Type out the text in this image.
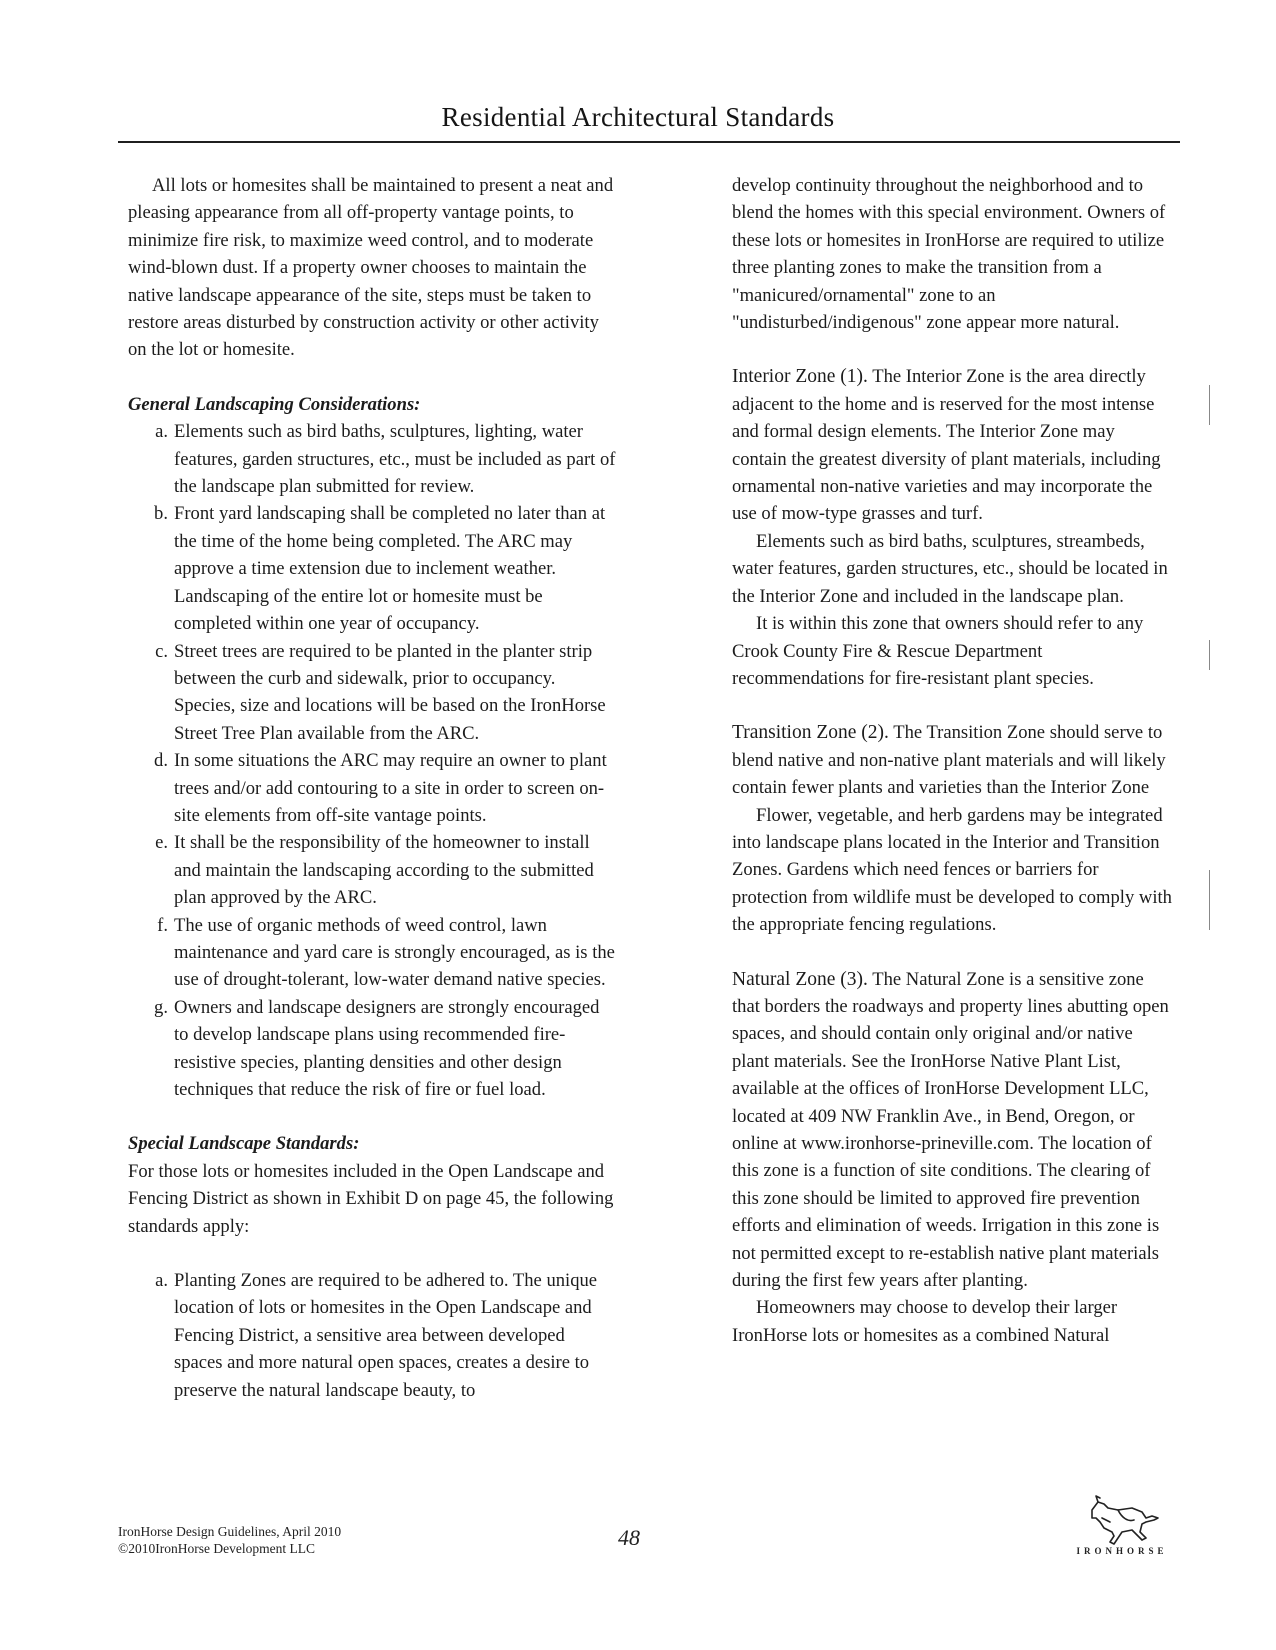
Residential Architectural Standards

All lots or homesites shall be maintained to present a neat and pleasing appearance from all off-property vantage points, to minimize fire risk, to maximize weed control, and to moderate wind-blown dust. If a property owner chooses to maintain the native landscape appearance of the site, steps must be taken to restore areas disturbed by construction activity or other activity on the lot or homesite.

General Landscaping Considerations:

a. Elements such as bird baths, sculptures, lighting, water features, garden structures, etc., must be included as part of the landscape plan submitted for review.
b. Front yard landscaping shall be completed no later than at the time of the home being completed. The ARC may approve a time extension due to inclement weather. Landscaping of the entire lot or homesite must be completed within one year of occupancy.
c. Street trees are required to be planted in the planter strip between the curb and sidewalk, prior to occupancy. Species, size and locations will be based on the IronHorse Street Tree Plan available from the ARC.
d. In some situations the ARC may require an owner to plant trees and/or add contouring to a site in order to screen on-site elements from off-site vantage points.
e. It shall be the responsibility of the homeowner to install and maintain the landscaping according to the submitted plan approved by the ARC.
f. The use of organic methods of weed control, lawn maintenance and yard care is strongly encouraged, as is the use of drought-tolerant, low-water demand native species.
g. Owners and landscape designers are strongly encouraged to develop landscape plans using recommended fire-resistive species, planting densities and other design techniques that reduce the risk of fire or fuel load.

Special Landscape Standards:

For those lots or homesites included in the Open Landscape and Fencing District as shown in Exhibit D on page 45, the following standards apply:

a. Planting Zones are required to be adhered to. The unique location of lots or homesites in the Open Landscape and Fencing District, a sensitive area between developed spaces and more natural open spaces, creates a desire to preserve the natural landscape beauty, to

develop continuity throughout the neighborhood and to blend the homes with this special environment. Owners of these lots or homesites in IronHorse are required to utilize three planting zones to make the transition from a "manicured/ornamental" zone to an "undisturbed/indigenous" zone appear more natural.

Interior Zone (1). The Interior Zone is the area directly adjacent to the home and is reserved for the most intense and formal design elements. The Interior Zone may contain the greatest diversity of plant materials, including ornamental non-native varieties and may incorporate the use of mow-type grasses and turf.

Elements such as bird baths, sculptures, streambeds, water features, garden structures, etc., should be located in the Interior Zone and included in the landscape plan.

It is within this zone that owners should refer to any Crook County Fire & Rescue Department recommendations for fire-resistant plant species.

Transition Zone (2). The Transition Zone should serve to blend native and non-native plant materials and will likely contain fewer plants and varieties than the Interior Zone

Flower, vegetable, and herb gardens may be integrated into landscape plans located in the Interior and Transition Zones. Gardens which need fences or barriers for protection from wildlife must be developed to comply with the appropriate fencing regulations.

Natural Zone (3). The Natural Zone is a sensitive zone that borders the roadways and property lines abutting open spaces, and should contain only original and/or native plant materials. See the IronHorse Native Plant List, available at the offices of IronHorse Development LLC, located at 409 NW Franklin Ave., in Bend, Oregon, or online at www.ironhorse-prineville.com. The location of this zone is a function of site conditions. The clearing of this zone should be limited to approved fire prevention efforts and elimination of weeds. Irrigation in this zone is not permitted except to re-establish native plant materials during the first few years after planting.

Homeowners may choose to develop their larger IronHorse lots or homesites as a combined Natural

IronHorse Design Guidelines, April 2010
©2010IronHorse Development LLC	48
IRONHORSE
